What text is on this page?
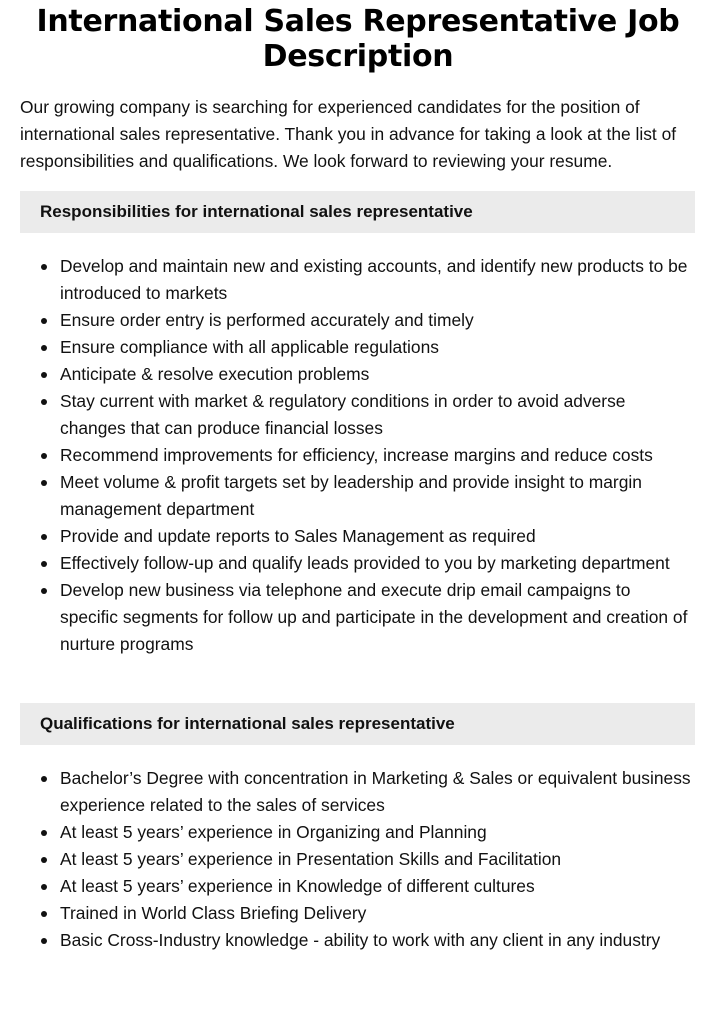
International Sales Representative Job Description

Our growing company is searching for experienced candidates for the position of international sales representative. Thank you in advance for taking a look at the list of responsibilities and qualifications. We look forward to reviewing your resume.

Responsibilities for international sales representative
Develop and maintain new and existing accounts, and identify new products to be introduced to markets
Ensure order entry is performed accurately and timely
Ensure compliance with all applicable regulations
Anticipate & resolve execution problems
Stay current with market & regulatory conditions in order to avoid adverse changes that can produce financial losses
Recommend improvements for efficiency, increase margins and reduce costs
Meet volume & profit targets set by leadership and provide insight to margin management department
Provide and update reports to Sales Management as required
Effectively follow-up and qualify leads provided to you by marketing department
Develop new business via telephone and execute drip email campaigns to specific segments for follow up and participate in the development and creation of nurture programs
Qualifications for international sales representative
Bachelor’s Degree with concentration in Marketing & Sales or equivalent business experience related to the sales of services
At least 5 years’ experience in Organizing and Planning
At least 5 years’ experience in Presentation Skills and Facilitation
At least 5 years’ experience in Knowledge of different cultures
Trained in World Class Briefing Delivery
Basic Cross-Industry knowledge - ability to work with any client in any industry
